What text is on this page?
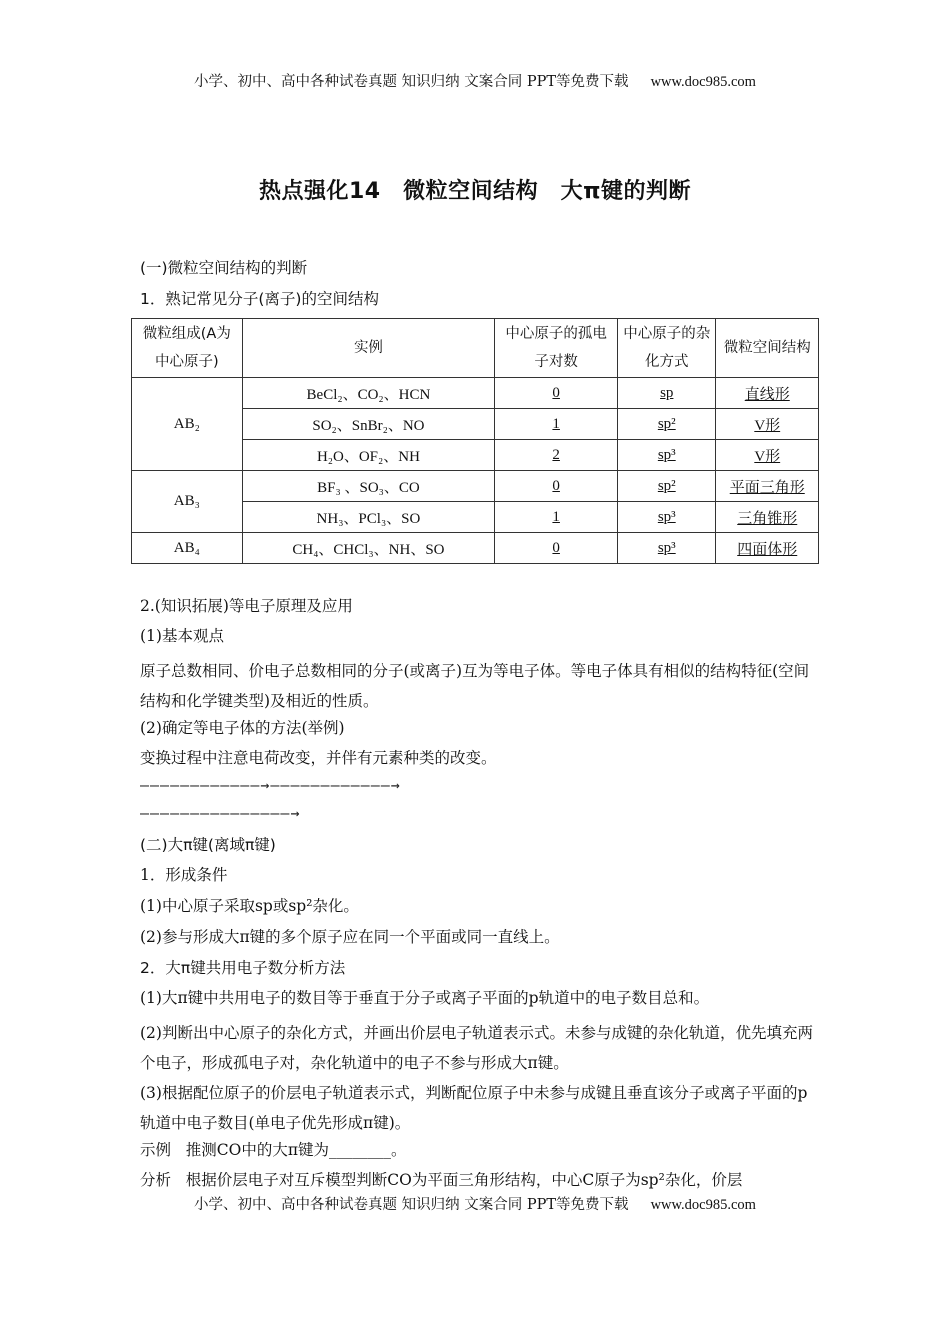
小学、初中、高中各种试卷真题 知识归纳 文案合同 PPT等免费下载 www.doc985.com
热点强化14　微粒空间结构　大π键的判断
(一)微粒空间结构的判断
1．熟记常见分子(离子)的空间结构
微粒组成(A为中心原子)	实例	中心原子的孤电子对数	中心原子的杂化方式	微粒空间结构
AB₂	BeCl₂、CO₂、HCN	0	sp	直线形
	SO₂、SnBr₂、NO	1	sp²	V形
	H₂O、OF₂、NH	2	sp³	V形
AB₃	BF₃ 、SO₃、CO	0	sp²	平面三角形
	NH₃、PCl₃、SO	1	sp³	三角锥形
AB₄	CH₄、CHCl₃、NH、SO	0	sp³	四面体形
2.(知识拓展)等电子原理及应用
(1)基本观点
原子总数相同、价电子总数相同的分子(或离子)互为等电子体。等电子体具有相似的结构特征(空间结构和化学键类型)及相近的性质。
(2)确定等电子体的方法(举例)
变换过程中注意电荷改变，并伴有元素种类的改变。
————————————→————————————→
———————————————→
(二)大π键(离域π键)
1．形成条件
(1)中心原子采取sp或sp²杂化。
(2)参与形成大π键的多个原子应在同一个平面或同一直线上。
2．大π键共用电子数分析方法
(1)大π键中共用电子的数目等于垂直于分子或离子平面的p轨道中的电子数目总和。
(2)判断出中心原子的杂化方式，并画出价层电子轨道表示式。未参与成键的杂化轨道，优先填充两个电子，形成孤电子对，杂化轨道中的电子不参与形成大π键。
(3)根据配位原子的价层电子轨道表示式，判断配位原子中未参与成键且垂直该分子或离子平面的p轨道中电子数目(单电子优先形成π键)。
示例 推测CO中的大π键为________。
分析 根据价层电子对互斥模型判断CO为平面三角形结构，中心C原子为sp²杂化，价层
小学、初中、高中各种试卷真题 知识归纳 文案合同 PPT等免费下载 www.doc985.com
